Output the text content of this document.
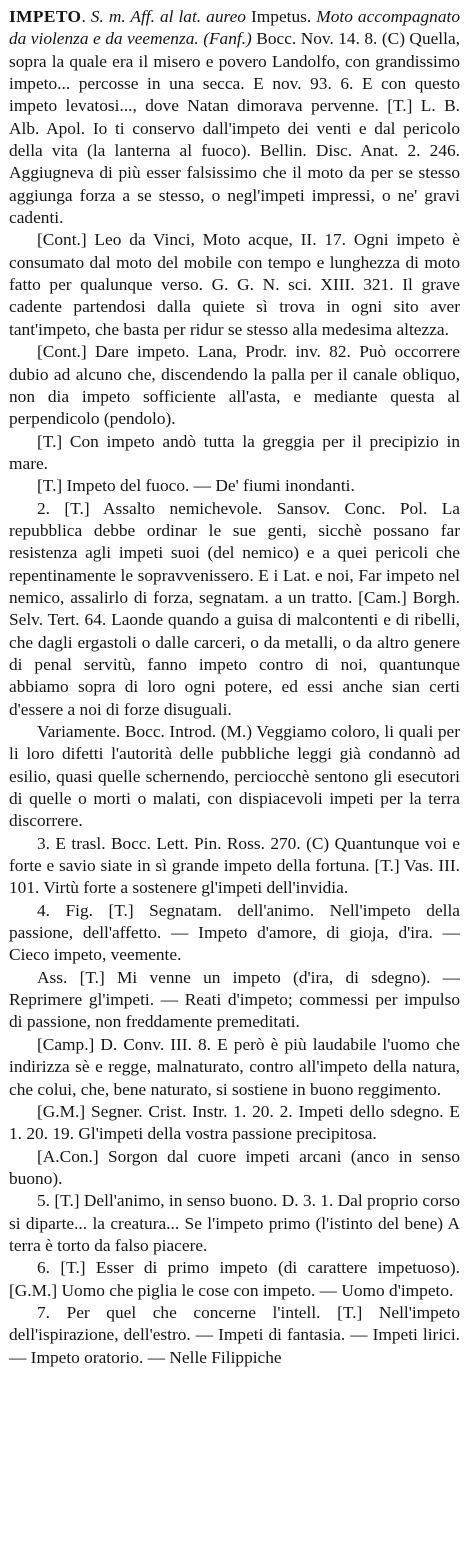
IMPETO. S. m. Aff. al lat. aureo Impetus. Moto accompagnato da violenza e da veemenza. (Fanf.) Bocc. Nov. 14. 8. (C) Quella, sopra la quale era il misero e povero Landolfo, con grandissimo impeto... percosse in una secca. E nov. 93. 6. E con questo impeto levatosi..., dove Natan dimorava pervenne. [T.] L. B. Alb. Apol. Io ti conservo dall'impeto dei venti e dal pericolo della vita (la lanterna al fuoco). Bellin. Disc. Anat. 2. 246. Aggiugneva di più esser falsissimo che il moto da per se stesso aggiunga forza a se stesso, o negl'impeti impressi, o ne' gravi cadenti.

[Cont.] Leo da Vinci, Moto acque, II. 17. Ogni impeto è consumato dal moto del mobile con tempo e lunghezza di moto fatto per qualunque verso. G. G. N. sci. XIII. 321. Il grave cadente partendosi dalla quiete sì trova in ogni sito aver tant'impeto, che basta per ridur se stesso alla medesima altezza.

[Cont.] Dare impeto. Lana, Prodr. inv. 82. Può occorrere dubio ad alcuno che, discendendo la palla per il canale obliquo, non dia impeto sofficiente all'asta, e mediante questa al perpendicolo (pendolo).

[T.] Con impeto andò tutta la greggia per il precipizio in mare.

[T.] Impeto del fuoco. — De' fiumi inondanti.

2. [T.] Assalto nemichevole. Sansov. Conc. Pol. La repubblica debbe ordinar le sue genti, sicchè possano far resistenza agli impeti suoi (del nemico) e a quei pericoli che repentinamente le sopravvenissero. E i Lat. e noi, Far impeto nel nemico, assalirlo di forza, segnatam. a un tratto. [Cam.] Borgh. Selv. Tert. 64. Laonde quando a guisa di malcontenti e di ribelli, che dagli ergastoli o dalle carceri, o da metalli, o da altro genere di penal servitù, fanno impeto contro di noi, quantunque abbiamo sopra di loro ogni potere, ed essi anche sian certi d'essere a noi di forze disuguali.

Variamente. Bocc. Introd. (M.) Veggiamo coloro, li quali per li loro difetti l'autorità delle pubbliche leggi già condannò ad esilio, quasi quelle schernendo, percіocchè sentono gli esecutori di quelle o morti o malati, con dispiacevoli impeti per la terra discorrere.

3. E trasl. Bocc. Lett. Pin. Ross. 270. (C) Quantunque voi e forte e savio siate in sì grande impeto della fortuna. [T.] Vas. III. 101. Virtù forte a sostenere gl'impeti dell'invidia.

4. Fig. [T.] Segnatam. dell'animo. Nell'impeto della passione, dell'affetto. — Impeto d'amore, di gioja, d'ira. — Cieco impeto, veemente.

Ass. [T.] Mi venne un impeto (d'ira, di sdegno). — Reprimere gl'impeti. — Reati d'impeto; commessi per impulso di passione, non freddamente premeditati.

[Camp.] D. Conv. III. 8. E però è più laudabile l'uomo che indirizza sè e regge, malnaturato, contro all'impeto della natura, che colui, che, bene naturato, si sostiene in buono reggimento.

[G.M.] Segner. Crist. Instr. 1. 20. 2. Impeti dello sdegno. E 1. 20. 19. Gl'impeti della vostra passione precipitosa.

[A.Con.] Sorgon dal cuore impeti arcani (anco in senso buono).

5. [T.] Dell'animo, in senso buono. D. 3. 1. Dal proprio corso si diparte... la creatura... Se l'impeto primo (l'istinto del bene) A terra è torto da falso piacere.

6. [T.] Esser di primo impeto (di carattere impetuoso). [G.M.] Uomo che piglia le cose con impeto. — Uomo d'impeto.

7. Per quel che concerne l'intell. [T.] Nell'impeto dell'ispirazione, dell'estro. — Impeti di fantasia. — Impeti lirici. — Impeto oratorio. — Nelle Filippiche
